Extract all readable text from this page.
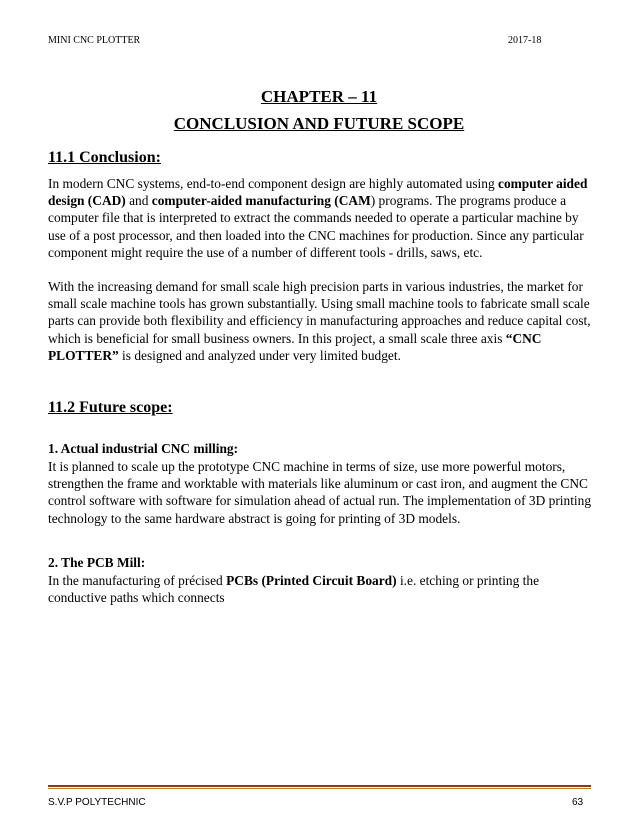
MINI CNC PLOTTER	2017-18
CHAPTER – 11
CONCLUSION AND FUTURE SCOPE
11.1 Conclusion:
In modern CNC systems, end-to-end component design are highly automated using computer aided design (CAD) and computer-aided manufacturing (CAM) programs. The programs produce a computer file that is interpreted to extract the commands needed to operate a particular machine by use of a post processor, and then loaded into the CNC machines for production. Since any particular component might require the use of a number of different tools - drills, saws, etc.
With the increasing demand for small scale high precision parts in various industries, the market for small scale machine tools has grown substantially. Using small machine tools to fabricate small scale parts can provide both flexibility and efficiency in manufacturing approaches and reduce capital cost, which is beneficial for small business owners. In this project, a small scale three axis “CNC PLOTTER” is designed and analyzed under very limited budget.
11.2 Future scope:
1. Actual industrial CNC milling:
It is planned to scale up the prototype CNC machine in terms of size, use more powerful motors, strengthen the frame and worktable with materials like aluminum or cast iron, and augment the CNC control software with software for simulation ahead of actual run. The implementation of 3D printing technology to the same hardware abstract is going for printing of 3D models.
2. The PCB Mill:
In the manufacturing of précised PCBs (Printed Circuit Board) i.e. etching or printing the conductive paths which connects
S.V.P POLYTECHNIC	63
